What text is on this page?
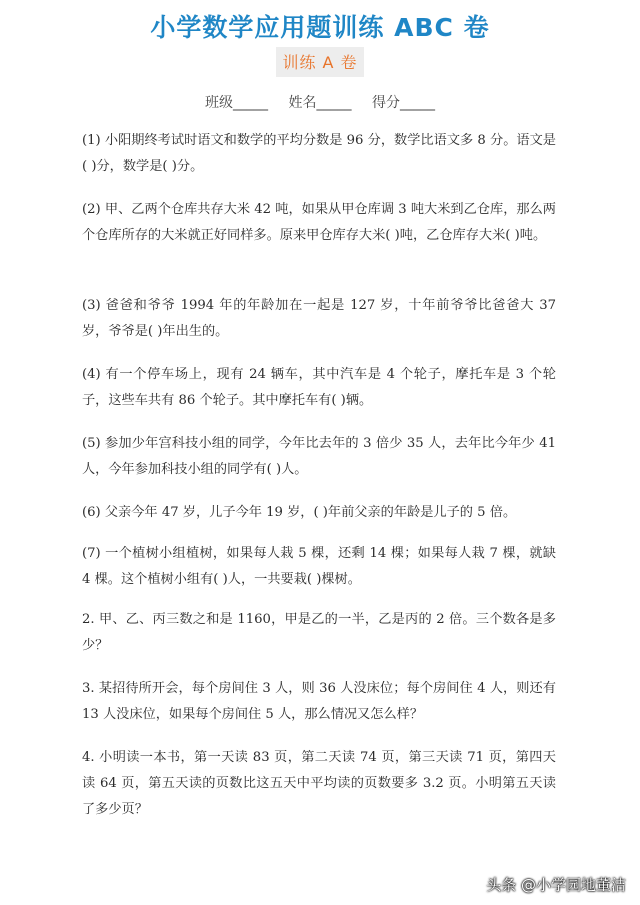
小学数学应用题训练 ABC 卷
训练 A 卷
班级_____ 姓名_____ 得分_____
(1) 小阳期终考试时语文和数学的平均分数是 96 分，数学比语文多 8 分。语文是( )分，数学是( )分。
(2) 甲、乙两个仓库共存大米 42 吨，如果从甲仓库调 3 吨大米到乙仓库，那么两个仓库所存的大米就正好同样多。原来甲仓库存大米( )吨，乙仓库存大米( )吨。
(3) 爸爸和爷爷 1994 年的年龄加在一起是 127 岁，十年前爷爷比爸爸大 37 岁，爷爷是( )年出生的。
(4) 有一个停车场上，现有 24 辆车，其中汽车是 4 个轮子，摩托车是 3 个轮子，这些车共有 86 个轮子。其中摩托车有( )辆。
(5) 参加少年宫科技小组的同学，今年比去年的 3 倍少 35 人，去年比今年少 41 人，今年参加科技小组的同学有( )人。
(6) 父亲今年 47 岁，儿子今年 19 岁，( )年前父亲的年龄是儿子的 5 倍。
(7) 一个植树小组植树，如果每人栽 5 棵，还剩 14 棵；如果每人栽 7 棵，就缺 4 棵。这个植树小组有( )人，一共要栽( )棵树。
2. 甲、乙、丙三数之和是 1160，甲是乙的一半，乙是丙的 2 倍。三个数各是多少？
3. 某招待所开会，每个房间住 3 人，则 36 人没床位；每个房间住 4 人，则还有 13 人没床位，如果每个房间住 5 人，那么情况又怎么样？
4. 小明读一本书，第一天读 83 页，第二天读 74 页，第三天读 71 页，第四天读 64 页，第五天读的页数比这五天中平均读的页数要多 3.2 页。小明第五天读了多少页？
头条 @小学园地董洁
